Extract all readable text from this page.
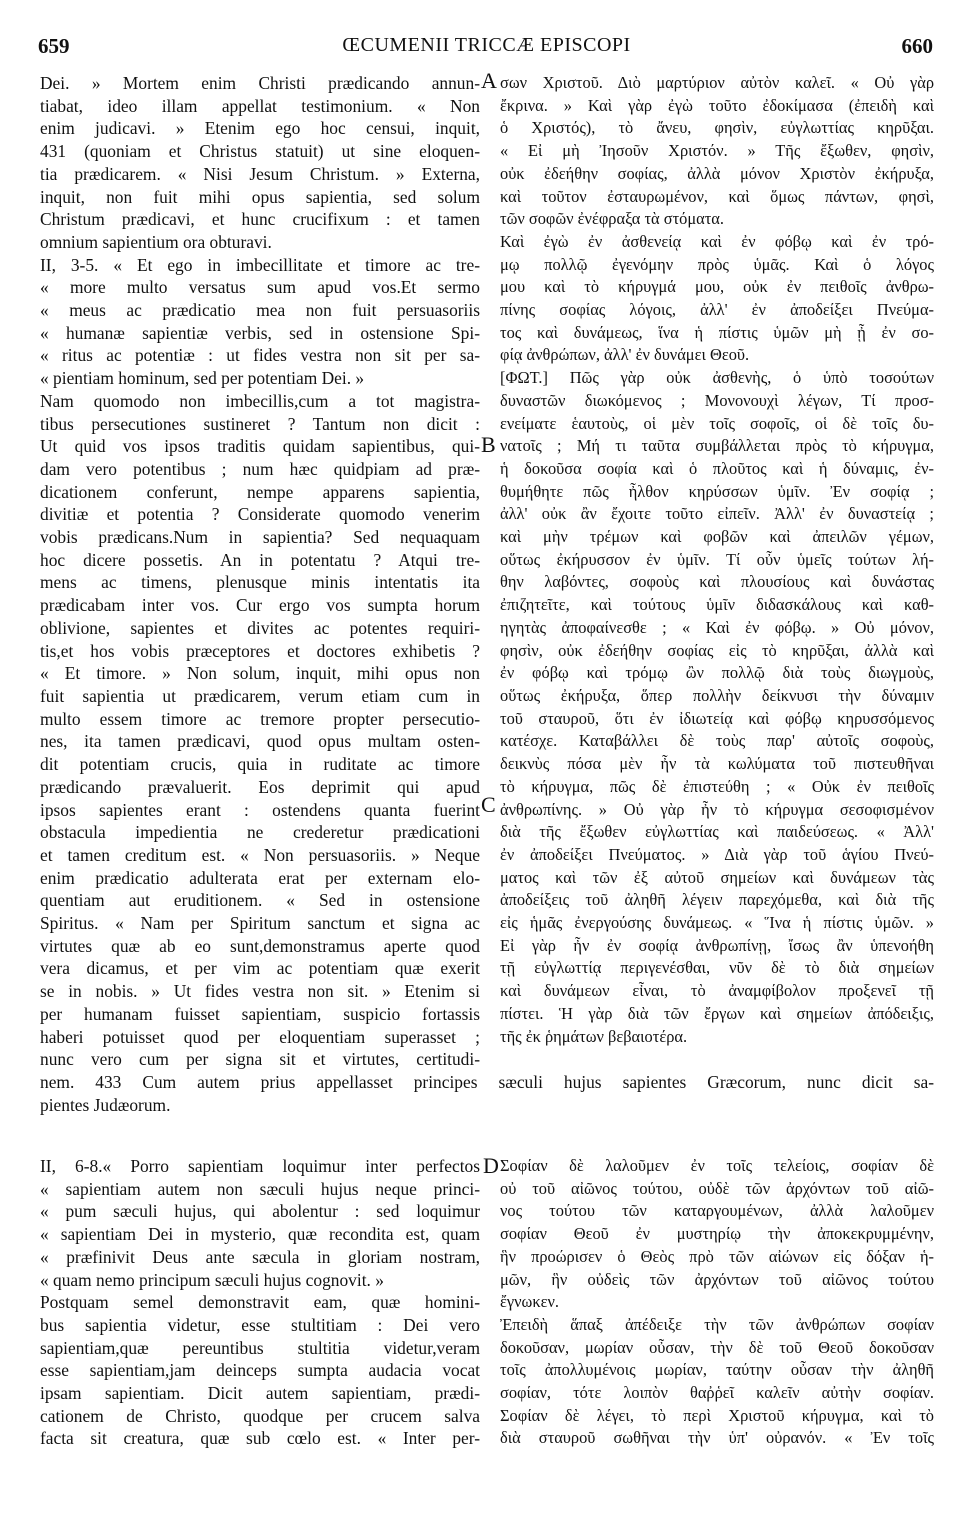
659	ŒCUMENII TRICCÆ EPISCOPI	660
A
B
C
D
Dei. » Mortem enim Christi prædicando annun-
tiabat, ideo illam appellat testimonium. « Non
enim judicavi. » Etenim ego hoc censui, inquit,
431 (quoniam et Christus statuit) ut sine eloquen-
tia prædicarem. « Nisi Jesum Christum. » Externa,
inquit, non fuit mihi opus sapientia, sed solum
Christum prædicavi, et hunc crucifixum : et tamen
omnium sapientium ora obturavi.
II, 3-5. « Et ego in imbecillitate et timore ac tre-
« more multo versatus sum apud vos.Et sermo
« meus ac prædicatio mea non fuit persuasoriis
« humanæ sapientiæ verbis, sed in ostensione Spi-
« ritus ac potentiæ : ut fides vestra non sit per sa-
« pientiam hominum, sed per potentiam Dei. »
Nam quomodo non imbecillis,cum a tot magistra-
tibus persecutiones sustineret ? Tantum non dicit :
Ut quid vos ipsos traditis quidam sapientibus, qui-
dam vero potentibus ; num hæc quidpiam ad præ-
dicationem conferunt, nempe apparens sapientia,
divitiæ et potentia ? Considerate quomodo venerim
vobis prædicans.Num in sapientia? Sed nequaquam
hoc dicere possetis. An in potentatu ? Atqui tre-
mens ac timens, plenusque minis intentatis ita
prædicabam inter vos. Cur ergo vos sumpta horum
oblivione, sapientes et divites ac potentes requiri-
tis,et hos vobis præceptores et doctores exhibetis ?
« Et timore. » Non solum, inquit, mihi opus non
fuit sapientia ut prædicarem, verum etiam cum in
multo essem timore ac tremore propter persecutio-
nes, ita tamen prædicavi, quod opus multam osten-
dit potentiam crucis, quia in ruditate ac timore
prædicando prævaluerit. Eos deprimit qui apud
ipsos sapientes erant : ostendens quanta fuerint
obstacula impedientia ne crederetur prædicationi
et tamen creditum est. « Non persuasoriis. » Neque
enim prædicatio adulterata erat per externam elo-
quentiam aut eruditionem. « Sed in ostensione
Spiritus. « Nam per Spiritum sanctum et signa ac
virtutes quæ ab eo sunt,demonstramus aperte quod
vera dicamus, et per vim ac potentiam quæ exerit
se in nobis. » Ut fides vestra non sit. » Etenim si
per humanam fuisset sapientiam, suspicio fortassis
haberi potuisset quod per eloquentiam superasset ;
nunc vero cum per signa sit et virtutes, certitudi-
σων Χριστοῦ. Διὸ μαρτύριον αὐτὸν καλεῖ. « Οὐ γὰρ
ἔκρινα. » Καὶ γὰρ ἐγὼ τοῦτο ἐδοκίμασα (ἐπειδὴ καὶ
ὁ Χριστός), τὸ ἄνευ, φησὶν, εὐγλωττίας κηρῦξαι.
« Εἰ μὴ Ἰησοῦν Χριστόν. » Τῆς ἔξωθεν, φησὶν,
οὐκ ἐδεήθην σοφίας, ἀλλὰ μόνον Χριστὸν ἐκήρυξα,
καὶ τοῦτον ἐσταυρωμένον, καὶ ὅμως πάντων, φησὶ,
τῶν σοφῶν ἐνέφραξα τὰ στόματα.
Καὶ ἐγὼ ἐν ἀσθενείᾳ καὶ ἐν φόβῳ καὶ ἐν τρό-
μῳ πολλῷ ἐγενόμην πρὸς ὑμᾶς. Καὶ ὁ λόγος
μου καὶ τὸ κήρυγμά μου, οὐκ ἐν πειθοῖς ἀνθρω-
πίνης σοφίας λόγοις, ἀλλ' ἐν ἀποδείξει Πνεύμα-
τος καὶ δυνάμεως, ἵνα ἡ πίστις ὑμῶν μὴ ᾖ ἐν σο-
φίᾳ ἀνθρώπων, ἀλλ' ἐν δυνάμει Θεοῦ.
[ΦΩΤ.] Πῶς γὰρ οὐκ ἀσθενὴς, ὁ ὑπὸ τοσούτων
δυναστῶν διωκόμενος ; Μονονουχὶ λέγων, Τί προσ-
ενείματε ἑαυτοὺς, οἱ μὲν τοῖς σοφοῖς, οἱ δὲ τοῖς δυ-
νατοῖς ; Μή τι ταῦτα συμβάλλεται πρὸς τὸ κήρυγμα,
ἡ δοκοῦσα σοφία καὶ ὁ πλοῦτος καὶ ἡ δύναμις, ἐν-
θυμήθητε πῶς ἦλθον κηρύσσων ὑμῖν. Ἐν σοφίᾳ ;
ἀλλ' οὐκ ἂν ἔχοιτε τοῦτο εἰπεῖν. Ἀλλ' ἐν δυναστείᾳ ;
καὶ μὴν τρέμων καὶ φοβῶν καὶ ἀπειλῶν γέμων,
οὕτως ἐκήρυσσον ἐν ὑμῖν. Τί οὖν ὑμεῖς τούτων λή-
θην λαβόντες, σοφοὺς καὶ πλουσίους καὶ δυνάστας
ἐπιζητεῖτε, καὶ τούτους ὑμῖν διδασκάλους καὶ καθ-
ηγητὰς ἀποφαίνεσθε ; « Καὶ ἐν φόβῳ. » Οὐ μόνον,
φησὶν, οὐκ ἐδεήθην σοφίας εἰς τὸ κηρῦξαι, ἀλλὰ καὶ
ἐν φόβῳ καὶ τρόμῳ ὢν πολλῷ διὰ τοὺς διωγμοὺς,
οὕτως ἐκήρυξα, ὅπερ πολλὴν δείκνυσι τὴν δύναμιν
τοῦ σταυροῦ, ὅτι ἐν ἰδιωτείᾳ καὶ φόβῳ κηρυσσόμενος
κατέσχε. Καταβάλλει δὲ τοὺς παρ' αὐτοῖς σοφοὺς,
δεικνὺς πόσα μὲν ἦν τὰ κωλύματα τοῦ πιστευθῆναι
τὸ κήρυγμα, πῶς δὲ ἐπιστεύθη ; « Οὐκ ἐν πειθοῖς
ἀνθρωπίνης. » Οὐ γὰρ ἦν τὸ κήρυγμα σεσοφισμένον
διὰ τῆς ἔξωθεν εὐγλωττίας καὶ παιδεύσεως. « Ἀλλ'
ἐν ἀποδείξει Πνεύματος. » Διὰ γὰρ τοῦ ἁγίου Πνεύ-
ματος καὶ τῶν ἐξ αὐτοῦ σημείων καὶ δυνάμεων τὰς
ἀποδείξεις τοῦ ἀληθῆ λέγειν παρεχόμεθα, καὶ διὰ τῆς
εἰς ἡμᾶς ἐνεργούσης δυνάμεως. « Ἵνα ἡ πίστις ὑμῶν. »
Εἰ γὰρ ἦν ἐν σοφίᾳ ἀνθρωπίνῃ, ἴσως ἂν ὑπενοήθη
τῇ εὐγλωττίᾳ περιγενέσθαι, νῦν δὲ τὸ διὰ σημείων
καὶ δυνάμεων εἶναι, τὸ ἀναμφίβολον προξενεῖ τῇ
πίστει. Ἡ γὰρ διὰ τῶν ἔργων καὶ σημείων ἀπόδειξις,
τῆς ἐκ ῥημάτων βεβαιοτέρα.
nem. 433 Cum autem prius appellasset principes sæculi hujus sapientes Græcorum, nunc dicit sa-
pientes Judæorum.
II, 6-8.« Porro sapientiam loquimur inter perfectos
« sapientiam autem non sæculi hujus neque princi-
« pum sæculi hujus, qui abolentur : sed loquimur
« sapientiam Dei in mysterio, quæ recondita est, quam
« præfinivit Deus ante sæcula in gloriam nostram,
« quam nemo principum sæculi hujus cognovit. »
Postquam semel demonstravit eam, quæ homini-
bus sapientia videtur, esse stultitiam : Dei vero
sapientiam,quæ pereuntibus stultitia videtur,veram
esse sapientiam,jam deinceps sumpta audacia vocat
ipsam sapientiam. Dicit autem sapientiam, prædi-
cationem de Christo, quodque per crucem salva
facta sit creatura, quæ sub cœlo est. « Inter per-
Σοφίαν δὲ λαλοῦμεν ἐν τοῖς τελείοις, σοφίαν δὲ
οὐ τοῦ αἰῶνος τούτου, οὐδὲ τῶν ἀρχόντων τοῦ αἰῶ-
νος τούτου τῶν καταργουμένων, ἀλλὰ λαλοῦμεν
σοφίαν Θεοῦ ἐν μυστηρίῳ τὴν ἀποκεκρυμμένην,
ἣν προώρισεν ὁ Θεὸς πρὸ τῶν αἰώνων εἰς δόξαν ἡ-
μῶν, ἣν οὐδεὶς τῶν ἀρχόντων τοῦ αἰῶνος τούτου
ἔγνωκεν.
Ἐπειδὴ ἅπαξ ἀπέδειξε τὴν τῶν ἀνθρώπων σοφίαν
δοκοῦσαν, μωρίαν οὖσαν, τὴν δὲ τοῦ Θεοῦ δοκοῦσαν
τοῖς ἀπολλυμένοις μωρίαν, ταύτην οὖσαν τὴν ἀληθῆ
σοφίαν, τότε λοιπὸν θαῤῥεῖ καλεῖν αὐτὴν σοφίαν.
Σοφίαν δὲ λέγει, τὸ περὶ Χριστοῦ κήρυγμα, καὶ τὸ
διὰ σταυροῦ σωθῆναι τὴν ὑπ' οὐρανόν. « Ἐν τοῖς
